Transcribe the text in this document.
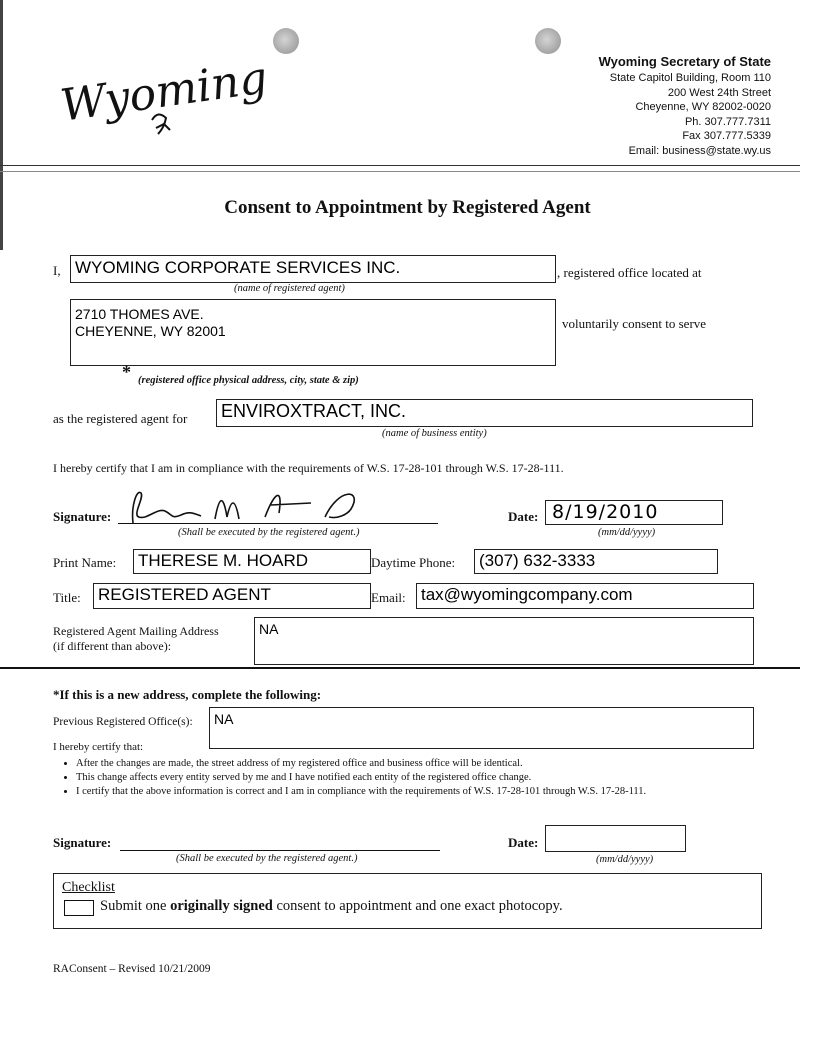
Wyoming	Wyoming Secretary of State
State Capitol Building, Room 110
200 West 24th Street
Cheyenne, WY 82002-0020
Ph. 307.777.7311
Fax 307.777.5339
Email: business@state.wy.us
Consent to Appointment by Registered Agent
I, WYOMING CORPORATE SERVICES INC.	, registered office located at
(name of registered agent)
2710 THOMES AVE.
CHEYENNE, WY 82001	voluntarily consent to serve
* (registered office physical address, city, state & zip)
as the registered agent for ENVIROXTRACT, INC.
(name of business entity)
I hereby certify that I am in compliance with the requirements of W.S. 17-28-101 through W.S. 17-28-111.
Signature:
(Shall be executed by the registered agent.)
Date: 8/19/2010
(mm/dd/yyyy)
Print Name: THERESE M. HOARD	Daytime Phone: (307) 632-3333
Title: REGISTERED AGENT	Email: tax@wyomingcompany.com
Registered Agent Mailing Address
(if different than above):
NA
*If this is a new address, complete the following:
Previous Registered Office(s):	NA
I hereby certify that:
• After the changes are made, the street address of my registered office and business office will be identical.
• This change affects every entity served by me and I have notified each entity of the registered office change.
• I certify that the above information is correct and I am in compliance with the requirements of W.S. 17-28-101 through W.S. 17-28-111.
Signature:
(Shall be executed by the registered agent.)
Date:
(mm/dd/yyyy)
Checklist
Submit one originally signed consent to appointment and one exact photocopy.
RAConsent – Revised 10/21/2009
